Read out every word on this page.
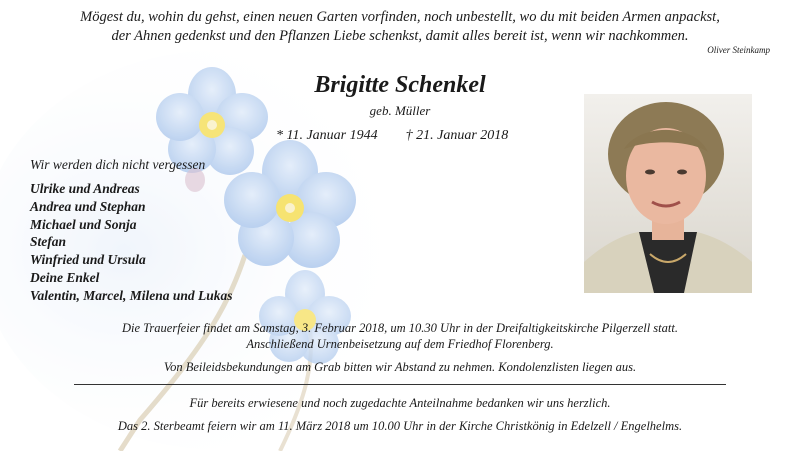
Mögest du, wohin du gehst, einen neuen Garten vorfinden, noch unbestellt, wo du mit beiden Armen anpackst,
der Ahnen gedenkst und den Pflanzen Liebe schenkst, damit alles bereit ist, wenn wir nachkommen.
Oliver Steinkamp
Brigitte Schenkel
geb. Müller
* 11. Januar 1944 † 21. Januar 2018
Wir werden dich nicht vergessen
Ulrike und Andreas
Andrea und Stephan
Michael und Sonja
Stefan
Winfried und Ursula
Deine Enkel
Valentin, Marcel, Milena und Lukas
Die Trauerfeier findet am Samstag, 3. Februar 2018, um 10.30 Uhr in der Dreifaltigkeitskirche Pilgerzell statt.
Anschließend Urnenbeisetzung auf dem Friedhof Florenberg.
Von Beileidsbekundungen am Grab bitten wir Abstand zu nehmen. Kondolenzlisten liegen aus.
Für bereits erwiesene und noch zugedachte Anteilnahme bedanken wir uns herzlich.
Das 2. Sterbeamt feiern wir am 11. März 2018 um 10.00 Uhr in der Kirche Christkönig in Edelzell / Engelhelms.
